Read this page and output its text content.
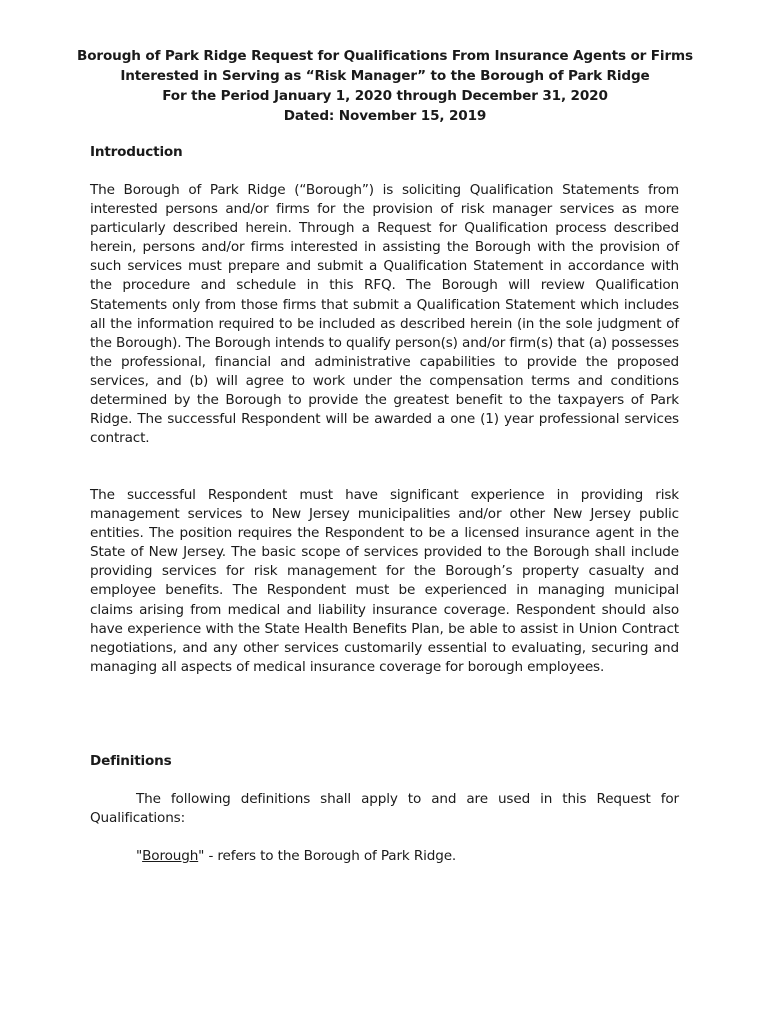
Borough of Park Ridge Request for Qualifications From Insurance Agents or Firms
Interested in Serving as “Risk Manager” to the Borough of Park Ridge
For the Period January 1, 2020 through December 31, 2020
Dated: November 15, 2019
Introduction

The Borough of Park Ridge (“Borough”) is soliciting Qualification Statements from interested persons and/or firms for the provision of risk manager services as more particularly described herein. Through a Request for Qualification process described herein, persons and/or firms interested in assisting the Borough with the provision of such services must prepare and submit a Qualification Statement in accordance with the procedure and schedule in this RFQ. The Borough will review Qualification Statements only from those firms that submit a Qualification Statement which includes all the information required to be included as described herein (in the sole judgment of the Borough). The Borough intends to qualify person(s) and/or firm(s) that (a) possesses the professional, financial and administrative capabilities to provide the proposed services, and (b) will agree to work under the compensation terms and conditions determined by the Borough to provide the greatest benefit to the taxpayers of Park Ridge. The successful Respondent will be awarded a one (1) year professional services contract.

The successful Respondent must have significant experience in providing risk management services to New Jersey municipalities and/or other New Jersey public entities. The position requires the Respondent to be a licensed insurance agent in the State of New Jersey. The basic scope of services provided to the Borough shall include providing services for risk management for the Borough’s property casualty and employee benefits. The Respondent must be experienced in managing municipal claims arising from medical and liability insurance coverage. Respondent should also have experience with the State Health Benefits Plan, be able to assist in Union Contract negotiations, and any other services customarily essential to evaluating, securing and managing all aspects of medical insurance coverage for borough employees.

Definitions

The following definitions shall apply to and are used in this Request for Qualifications:

"Borough" - refers to the Borough of Park Ridge.
